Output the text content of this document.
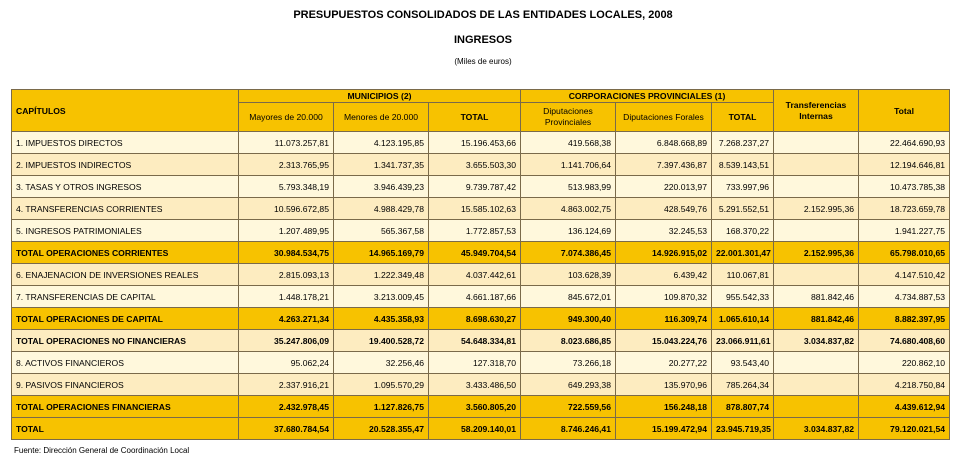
PRESUPUESTOS CONSOLIDADOS DE LAS ENTIDADES LOCALES, 2008
INGRESOS
(Miles de euros)
CAPÍTULOS	MUNICIPIOS (2)			CORPORACIONES PROVINCIALES (1)			Transferencias Internas	Total
	Mayores de 20.000	Menores de 20.000	TOTAL	Diputaciones Provinciales	Diputaciones Forales	TOTAL		
1. IMPUESTOS DIRECTOS	11.073.257,81	4.123.195,85	15.196.453,66	419.568,38	6.848.668,89	7.268.237,27		22.464.690,93
2. IMPUESTOS INDIRECTOS	2.313.765,95	1.341.737,35	3.655.503,30	1.141.706,64	7.397.436,87	8.539.143,51		12.194.646,81
3. TASAS Y OTROS INGRESOS	5.793.348,19	3.946.439,23	9.739.787,42	513.983,99	220.013,97	733.997,96		10.473.785,38
4. TRANSFERENCIAS CORRIENTES	10.596.672,85	4.988.429,78	15.585.102,63	4.863.002,75	428.549,76	5.291.552,51	2.152.995,36	18.723.659,78
5. INGRESOS PATRIMONIALES	1.207.489,95	565.367,58	1.772.857,53	136.124,69	32.245,53	168.370,22		1.941.227,75
TOTAL OPERACIONES CORRIENTES	30.984.534,75	14.965.169,79	45.949.704,54	7.074.386,45	14.926.915,02	22.001.301,47	2.152.995,36	65.798.010,65
6. ENAJENACION DE INVERSIONES REALES	2.815.093,13	1.222.349,48	4.037.442,61	103.628,39	6.439,42	110.067,81		4.147.510,42
7. TRANSFERENCIAS DE CAPITAL	1.448.178,21	3.213.009,45	4.661.187,66	845.672,01	109.870,32	955.542,33	881.842,46	4.734.887,53
TOTAL OPERACIONES DE CAPITAL	4.263.271,34	4.435.358,93	8.698.630,27	949.300,40	116.309,74	1.065.610,14	881.842,46	8.882.397,95
TOTAL OPERACIONES NO FINANCIERAS	35.247.806,09	19.400.528,72	54.648.334,81	8.023.686,85	15.043.224,76	23.066.911,61	3.034.837,82	74.680.408,60
8. ACTIVOS FINANCIEROS	95.062,24	32.256,46	127.318,70	73.266,18	20.277,22	93.543,40		220.862,10
9. PASIVOS FINANCIEROS	2.337.916,21	1.095.570,29	3.433.486,50	649.293,38	135.970,96	785.264,34		4.218.750,84
TOTAL OPERACIONES FINANCIERAS	2.432.978,45	1.127.826,75	3.560.805,20	722.559,56	156.248,18	878.807,74		4.439.612,94
TOTAL	37.680.784,54	20.528.355,47	58.209.140,01	8.746.246,41	15.199.472,94	23.945.719,35	3.034.837,82	79.120.021,54
Fuente: Dirección General de Coordinación Local
